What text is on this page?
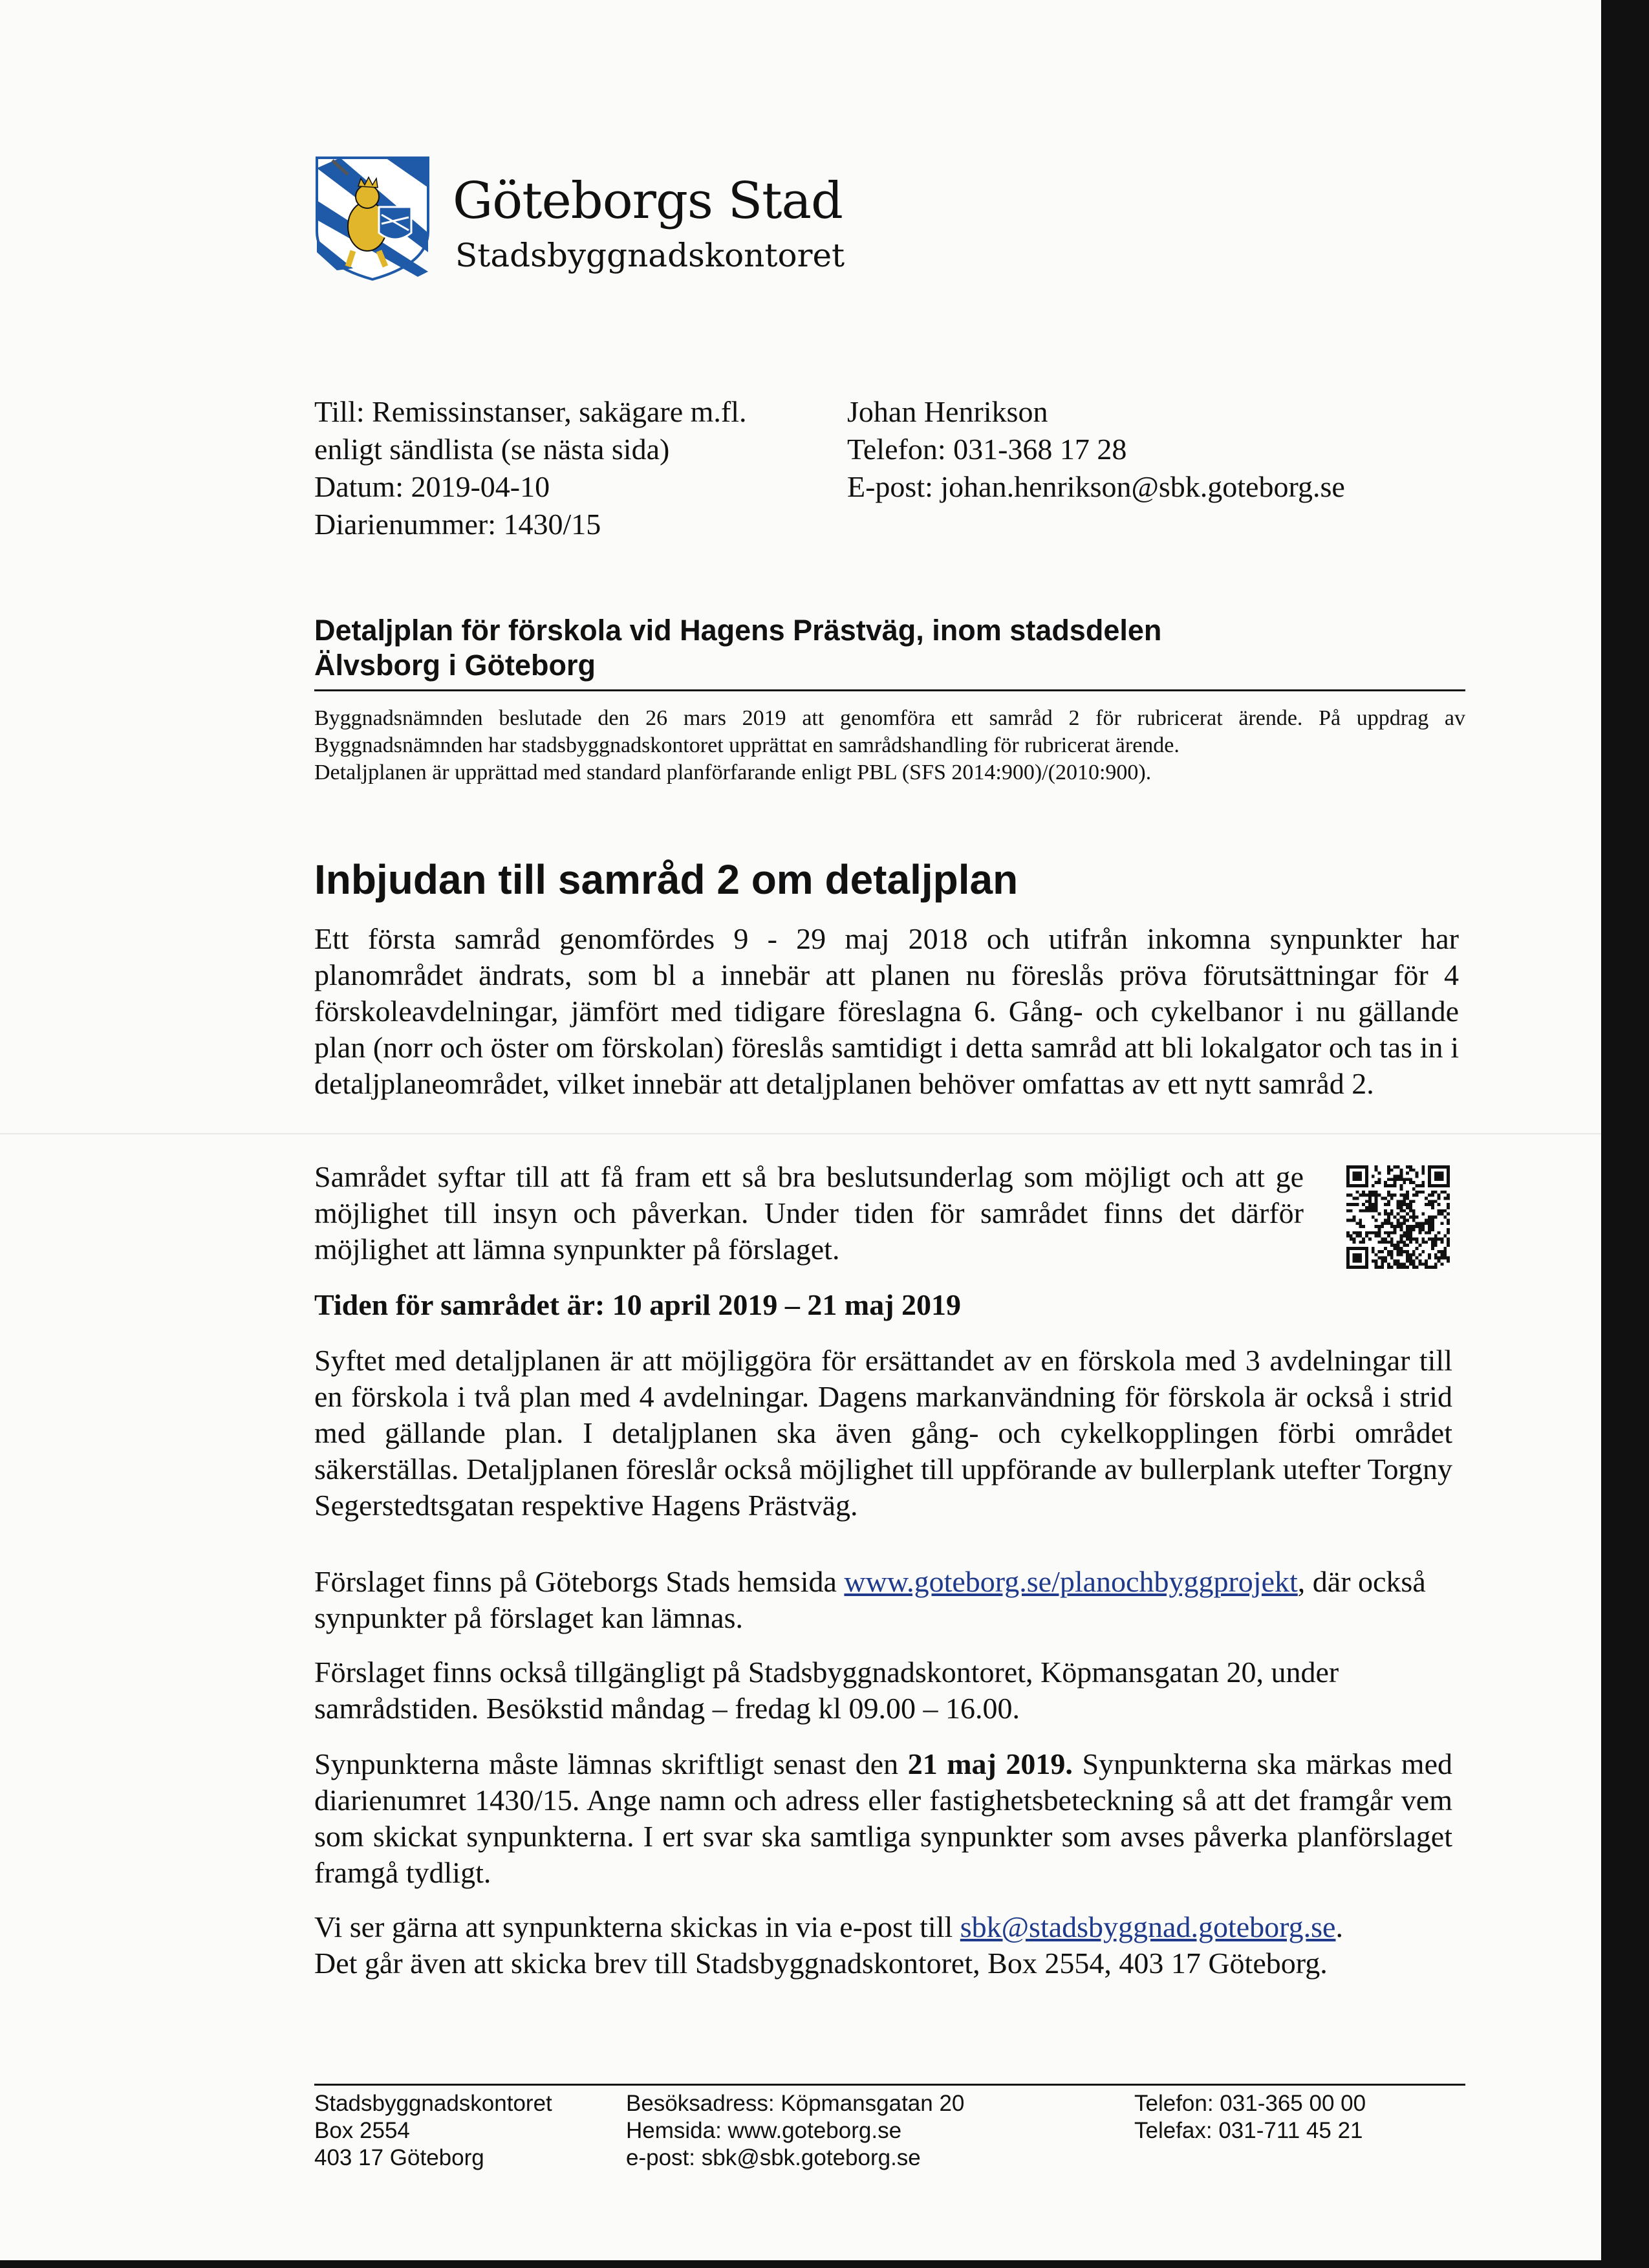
Göteborgs Stad
Stadsbyggnadskontoret
Till: Remissinstanser, sakägare m.fl.
enligt sändlista (se nästa sida)
Datum: 2019-04-10
Diarienummer: 1430/15
Johan Henrikson
Telefon: 031-368 17 28
E-post: johan.henrikson@sbk.goteborg.se
Detaljplan för förskola vid Hagens Prästväg, inom stadsdelen
Älvsborg i Göteborg

Byggnadsnämnden beslutade den 26 mars 2019 att genomföra ett samråd 2 för rubricerat ärende. På uppdrag av Byggnadsnämnden har stadsbyggnadskontoret upprättat en samrådshandling för rubricerat ärende.

Detaljplanen är upprättad med standard planförfarande enligt PBL (SFS 2014:900)/(2010:900).

Inbjudan till samråd 2 om detaljplan

Ett första samråd genomfördes 9 - 29 maj 2018 och utifrån inkomna synpunkter har planområdet ändrats, som bl a innebär att planen nu föreslås pröva förutsättningar för 4 förskoleavdelningar, jämfört med tidigare föreslagna 6. Gång- och cykelbanor i nu gällande plan (norr och öster om förskolan) föreslås samtidigt i detta samråd att bli lokalgator och tas in i detaljplaneområdet, vilket innebär att detaljplanen behöver omfattas av ett nytt samråd 2.

Samrådet syftar till att få fram ett så bra beslutsunderlag som möjligt och att ge möjlighet till insyn och påverkan. Under tiden för samrådet finns det därför möjlighet att lämna synpunkter på förslaget.

Tiden för samrådet är: 10 april 2019 – 21 maj 2019

Syftet med detaljplanen är att möjliggöra för ersättandet av en förskola med 3 avdelningar till en förskola i två plan med 4 avdelningar. Dagens markanvändning för förskola är också i strid med gällande plan. I detaljplanen ska även gång- och cykelkopplingen förbi området säkerställas. Detaljplanen föreslår också möjlighet till uppförande av bullerplank utefter Torgny Segerstedtsgatan respektive Hagens Prästväg.

Förslaget finns på Göteborgs Stads hemsida www.goteborg.se/planochbyggprojekt, där också synpunkter på förslaget kan lämnas.

Förslaget finns också tillgängligt på Stadsbyggnadskontoret, Köpmansgatan 20, under samrådstiden. Besökstid måndag – fredag kl 09.00 – 16.00.

Synpunkterna måste lämnas skriftligt senast den 21 maj 2019. Synpunkterna ska märkas med diarienumret 1430/15. Ange namn och adress eller fastighetsbeteckning så att det framgår vem som skickat synpunkterna. I ert svar ska samtliga synpunkter som avses påverka planförslaget framgå tydligt.

Vi ser gärna att synpunkterna skickas in via e-post till sbk@stadsbyggnad.goteborg.se.
Det går även att skicka brev till Stadsbyggnadskontoret, Box 2554, 403 17 Göteborg.

Stadsbyggnadskontoret
Box 2554
403 17 Göteborg
Besöksadress: Köpmansgatan 20
Hemsida: www.goteborg.se
e-post: sbk@sbk.goteborg.se
Telefon: 031-365 00 00
Telefax: 031-711 45 21
